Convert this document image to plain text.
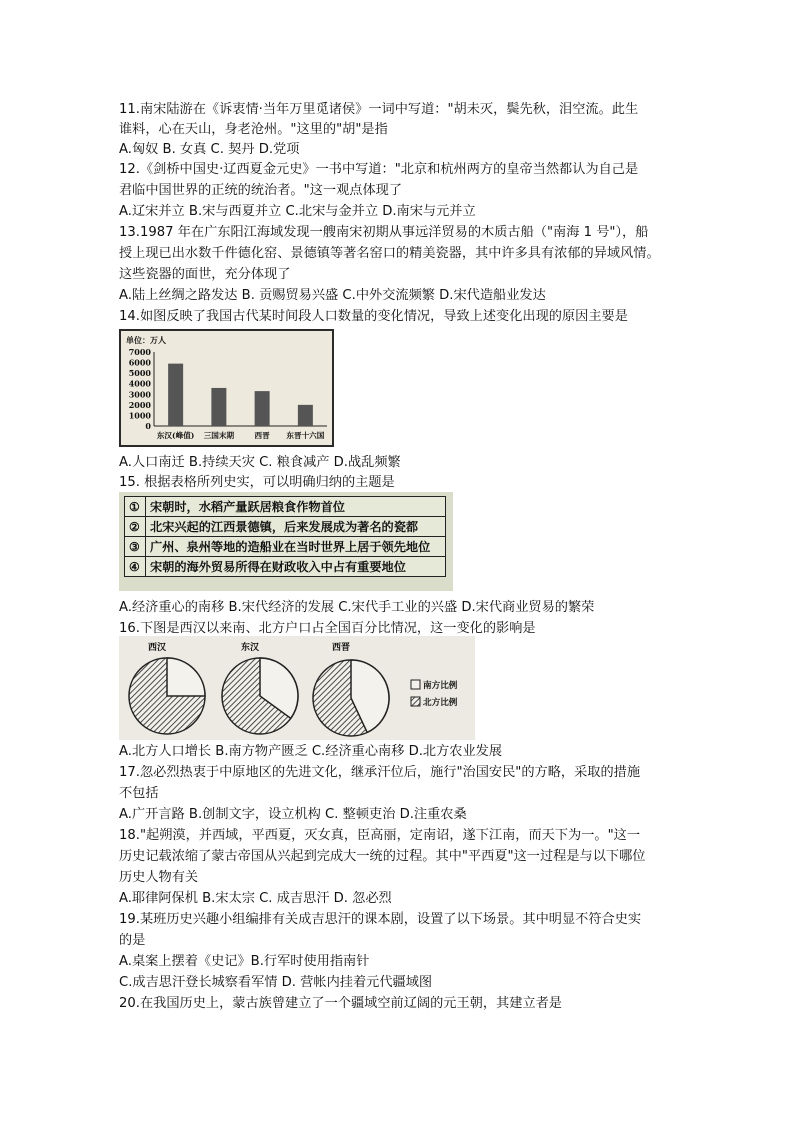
11.南宋陆游在《诉衷情·当年万里觅诸侯》一词中写道："胡未灭，鬓先秋，泪空流。此生
谁料，心在天山，身老沧州。"这里的"胡"是指
A.匈奴 B. 女真 C. 契丹 D.党项
12.《剑桥中国史·辽西夏金元史》一书中写道："北京和杭州两方的皇帝当然都认为自己是
君临中国世界的正统的统治者。"这一观点体现了
A.辽宋并立 B.宋与西夏并立 C.北宋与金并立 D.南宋与元并立
13.1987 年在广东阳江海域发现一艘南宋初期从事远洋贸易的木质古船（"南海 1 号"），船
授上现已出水数千件德化窑、景德镇等著名窑口的精美瓷器，其中许多具有浓郁的异域风情。
这些瓷器的面世，充分体现了
A.陆上丝绸之路发达 B. 贡赐贸易兴盛 C.中外交流频繁 D.宋代造船业发达
14.如图反映了我国古代某时间段人口数量的变化情况，导致上述变化出现的原因主要是
单位：万人
7000
6000
5000
4000
3000
2000
1000
0
东汉(峰值) 三国末期	西晋 东晋十六国
A.人口南迁 B.持续天灾 C. 粮食减产 D.战乱频繁
15. 根据表格所列史实，可以明确归纳的主题是
①	宋朝时，水稻产量跃居粮食作物首位
②	北宋兴起的江西景德镇，后来发展成为著名的瓷都
③	广州、泉州等地的造船业在当时世界上居于领先地位
④	宋朝的海外贸易所得在财政收入中占有重要地位
A.经济重心的南移 B.宋代经济的发展 C.宋代手工业的兴盛 D.宋代商业贸易的繁荣
16.下图是西汉以来南、北方户口占全国百分比情况，这一变化的影响是
西汉	东汉	西晋
南方比例
北方比例
A.北方人口增长 B.南方物产匮乏 C.经济重心南移 D.北方农业发展
17.忽必烈热衷于中原地区的先进文化，继承汗位后，施行"治国安民"的方略，采取的措施
不包括
A.广开言路 B.创制文字，设立机构 C. 整顿吏治 D.注重农桑
18."起朔漠，并西域，平西夏，灭女真，臣高丽，定南诏，遂下江南，而天下为一。"这一
历史记载浓缩了蒙古帝国从兴起到完成大一统的过程。其中"平西夏"这一过程是与以下哪位
历史人物有关
A.耶律阿保机 B.宋太宗 C. 成吉思汗 D. 忽必烈
19.某班历史兴趣小组编排有关成吉思汗的课本剧，设置了以下场景。其中明显不符合史实
的是
A.桌案上摆着《史记》B.行军时使用指南针
C.成吉思汗登长城察看军情 D. 营帐内挂着元代疆域图
20.在我国历史上，蒙古族曾建立了一个疆域空前辽阔的元王朝，其建立者是
